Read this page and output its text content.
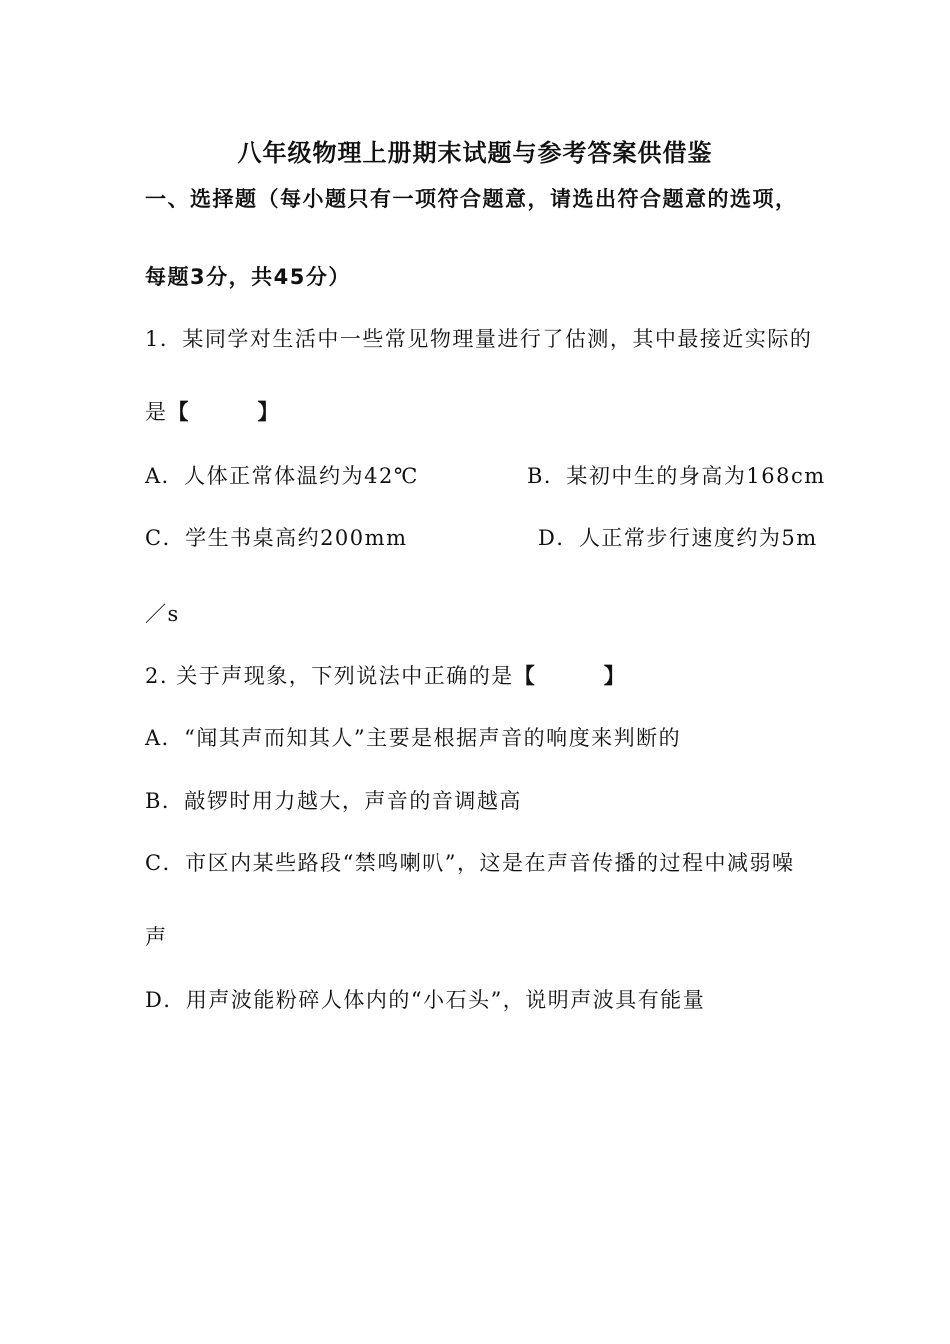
八年级物理上册期末试题与参考答案供借鉴
一、选择题（每小题只有一项符合题意，请选出符合题意的选项，
每题3分，共45分）
1．某同学对生活中一些常见物理量进行了估测，其中最接近实际的
是【　　　】
A．人体正常体温约为42℃	B．某初中生的身高为168cm
C．学生书桌高约200mm	D．人正常步行速度约为5m
／s
2. 关于声现象，下列说法中正确的是【　　　】
A．“闻其声而知其人”主要是根据声音的响度来判断的
B．敲锣时用力越大，声音的音调越高
C．市区内某些路段“禁鸣喇叭”，这是在声音传播的过程中减弱噪
声
D．用声波能粉碎人体内的“小石头”，说明声波具有能量
